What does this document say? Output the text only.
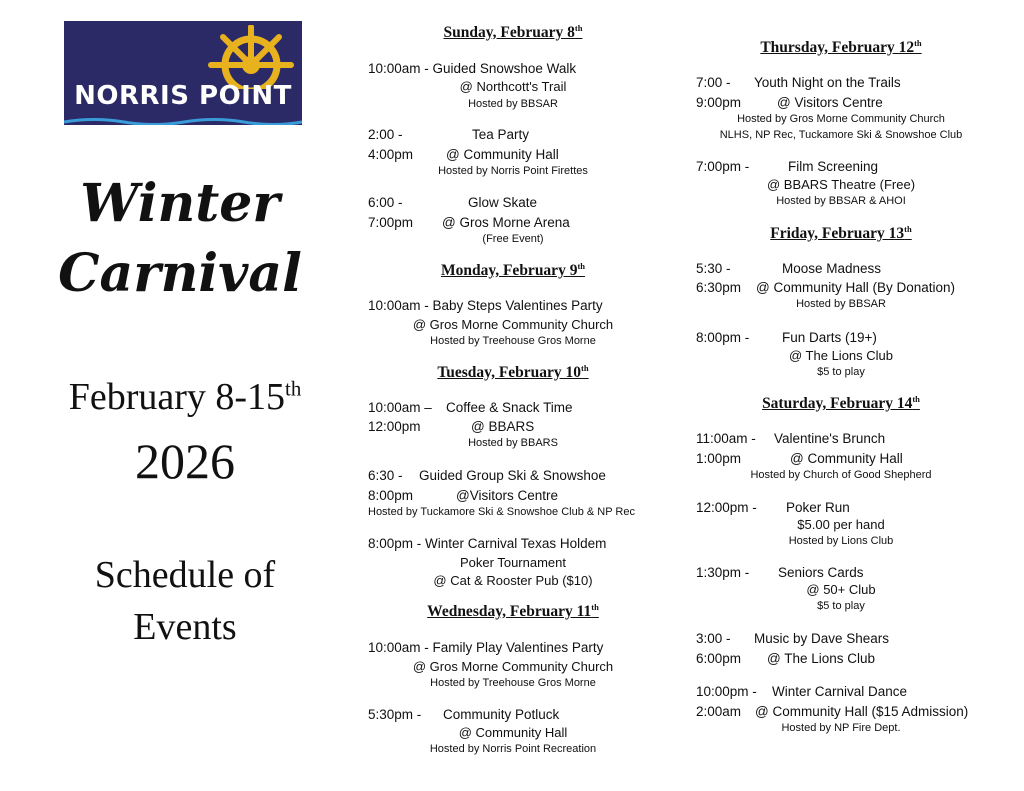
NORRIS POINT
Winter
Carnival
February 8-15th
2026
Schedule of
Events
Sunday, February 8th
10:00am - Guided Snowshoe Walk
@ Northcott's Trail
Hosted by BBSAR
2:00 -	Tea Party
4:00pm @ Community Hall
Hosted by Norris Point Firettes
6:00 -	Glow Skate
7:00pm @ Gros Morne Arena
(Free Event)
Monday, February 9th
10:00am - Baby Steps Valentines Party
@ Gros Morne Community Church
Hosted by Treehouse Gros Morne
Tuesday, February 10th
10:00am – Coffee & Snack Time
12:00pm	@ BBARS
Hosted by BBARS
6:30 - Guided Group Ski & Snowshoe
8:00pm	@Visitors Centre
Hosted by Tuckamore Ski & Snowshoe Club & NP Rec
8:00pm - Winter Carnival Texas Holdem
Poker Tournament
@ Cat & Rooster Pub ($10)
Wednesday, February 11th
10:00am - Family Play Valentines Party
@ Gros Morne Community Church
Hosted by Treehouse Gros Morne
5:30pm - Community Potluck
@ Community Hall
Hosted by Norris Point Recreation
Thursday, February 12th
7:00 - Youth Night on the Trails
9:00pm	@ Visitors Centre
Hosted by Gros Morne Community Church
NLHS, NP Rec, Tuckamore Ski & Snowshoe Club
7:00pm -	Film Screening
@ BBARS Theatre (Free)
Hosted by BBSAR & AHOI
Friday, February 13th
5:30 -	Moose Madness
6:30pm @ Community Hall (By Donation)
Hosted by BBSAR
8:00pm - Fun Darts (19+)
@ The Lions Club
$5 to play
Saturday, February 14th
11:00am - Valentine's Brunch
1:00pm	@ Community Hall
Hosted by Church of Good Shepherd
12:00pm - Poker Run
$5.00 per hand
Hosted by Lions Club
1:30pm - Seniors Cards
@ 50+ Club
$5 to play
3:00 - Music by Dave Shears
6:00pm @ The Lions Club
10:00pm - Winter Carnival Dance
2:00am @ Community Hall ($15 Admission)
Hosted by NP Fire Dept.
